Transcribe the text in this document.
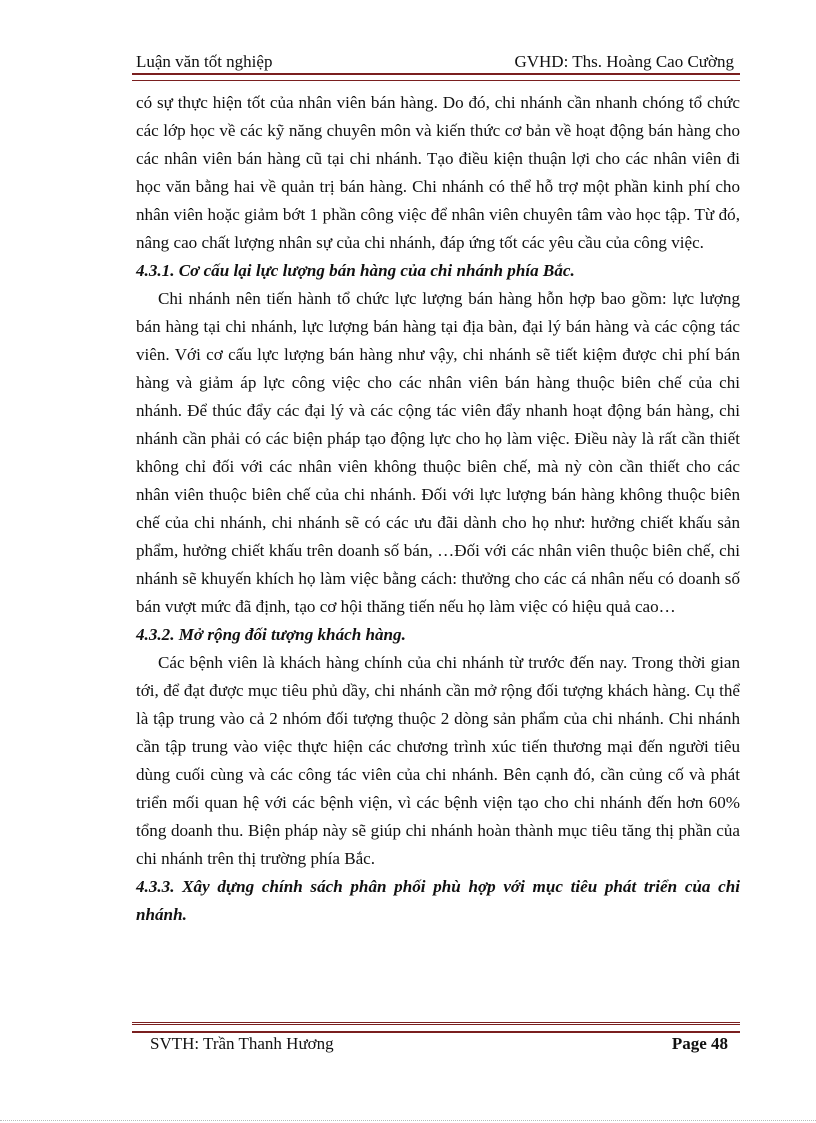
Luận văn tốt nghiệp	GVHD: Ths. Hoàng Cao Cường

có sự thực hiện tốt của nhân viên bán hàng. Do đó, chi nhánh cần nhanh chóng tổ chức các lớp học về các kỹ năng chuyên môn và kiến thức cơ bản về hoạt động bán hàng cho các nhân viên bán hàng cũ tại chi nhánh. Tạo điều kiện thuận lợi cho các nhân viên đi học văn bằng hai về quản trị bán hàng. Chi nhánh có thể hỗ trợ một phần kinh phí cho nhân viên hoặc giảm bớt 1 phần công việc để nhân viên chuyên tâm vào học tập. Từ đó, nâng cao chất lượng nhân sự của chi nhánh, đáp ứng tốt các yêu cầu của công việc.

4.3.1. Cơ cấu lại lực lượng bán hàng của chi nhánh phía Bắc.

Chi nhánh nên tiến hành tổ chức lực lượng bán hàng hỗn hợp bao gồm: lực lượng bán hàng tại chi nhánh, lực lượng bán hàng tại địa bàn, đại lý bán hàng và các cộng tác viên. Với cơ cấu lực lượng bán hàng như vậy, chi nhánh sẽ tiết kiệm được chi phí bán hàng và giảm áp lực công việc cho các nhân viên bán hàng thuộc biên chế của chi nhánh. Để thúc đẩy các đại lý và các cộng tác viên đẩy nhanh hoạt động bán hàng, chi nhánh cần phải có các biện pháp tạo động lực cho họ làm việc. Điều này là rất cần thiết không chỉ đối với các nhân viên không thuộc biên chế, mà nỳ còn cần thiết cho các nhân viên thuộc biên chế của chi nhánh. Đối với lực lượng bán hàng không thuộc biên chế của chi nhánh, chi nhánh sẽ có các ưu đãi dành cho họ như: hưởng chiết khấu sản phẩm, hưởng chiết khấu trên doanh số bán, …Đối với các nhân viên thuộc biên chế, chi nhánh sẽ khuyến khích họ làm việc bằng cách: thưởng cho các cá nhân nếu có doanh số bán vượt mức đã định, tạo cơ hội thăng tiến nếu họ làm việc có hiệu quả cao…

4.3.2. Mở rộng đối tượng khách hàng.

Các bệnh viên là khách hàng chính của chi nhánh từ trước đến nay. Trong thời gian tới, để đạt được mục tiêu phủ dầy, chi nhánh cần mở rộng đối tượng khách hàng. Cụ thể là tập trung vào cả 2 nhóm đối tượng thuộc 2 dòng sản phẩm của chi nhánh. Chi nhánh cần tập trung vào việc thực hiện các chương trình xúc tiến thương mại đến người tiêu dùng cuối cùng và các công tác viên của chi nhánh. Bên cạnh đó, cần củng cố và phát triển mối quan hệ với các bệnh viện, vì các bệnh viện tạo cho chi nhánh đến hơn 60% tổng doanh thu. Biện pháp này sẽ giúp chi nhánh hoàn thành mục tiêu tăng thị phần của chi nhánh trên thị trường phía Bắc.

4.3.3. Xây dựng chính sách phân phối phù hợp với mục tiêu phát triển của chi nhánh.

SVTH: Trần Thanh Hương	Page 48
